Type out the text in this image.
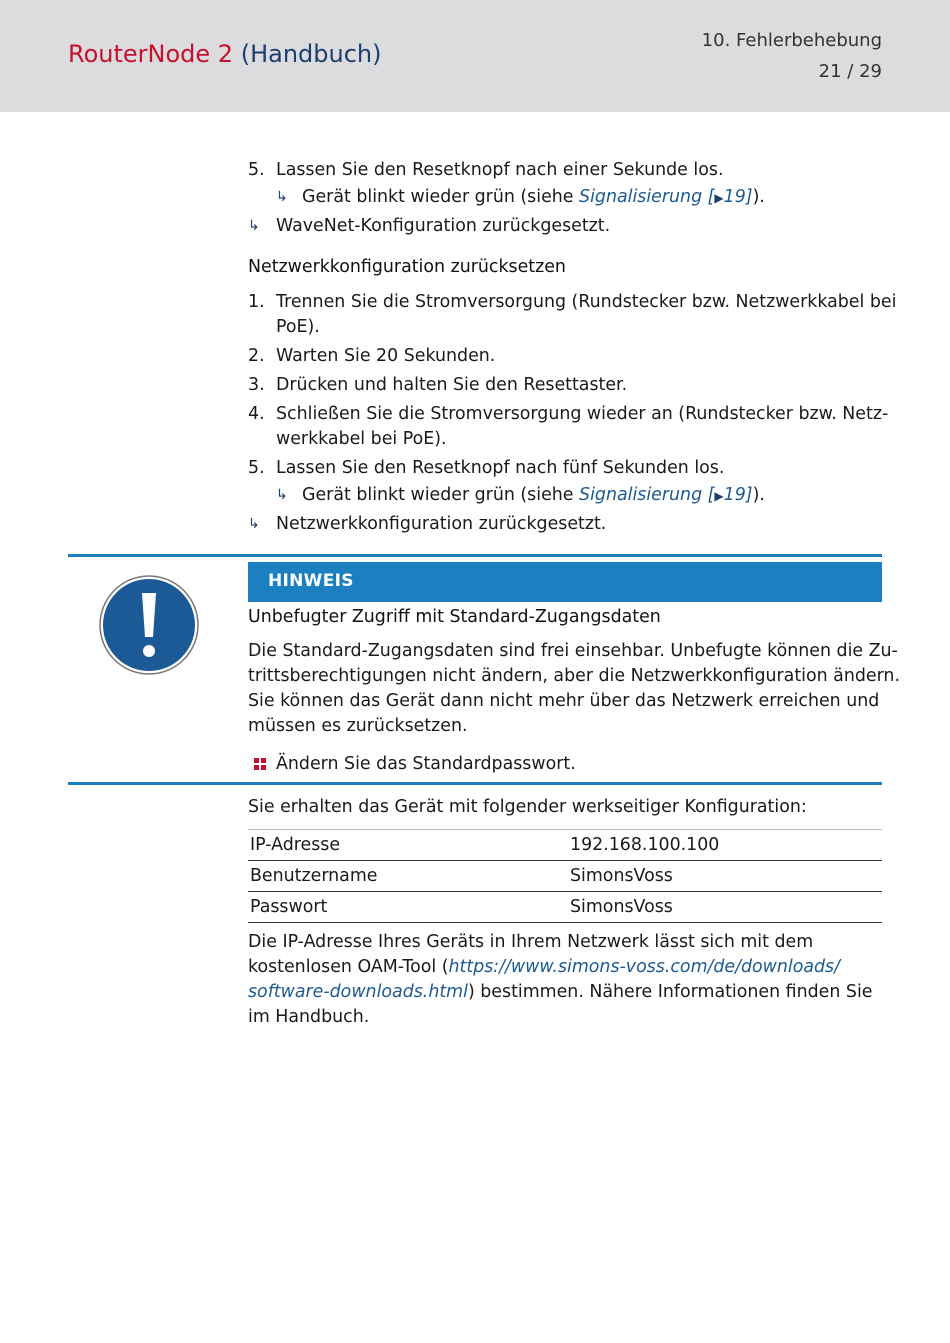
RouterNode 2 (Handbuch)	10. Fehlerbehebung
21 / 29
5. Lassen Sie den Resetknopf nach einer Sekunde los.
↳ Gerät blinkt wieder grün (siehe Signalisierung [▶19]).
↳ WaveNet-Konfiguration zurückgesetzt.
Netzwerkkonfiguration zurücksetzen
1. Trennen Sie die Stromversorgung (Rundstecker bzw. Netzwerkkabel bei
PoE).
2. Warten Sie 20 Sekunden.
3. Drücken und halten Sie den Resettaster.
4. Schließen Sie die Stromversorgung wieder an (Rundstecker bzw. Netz-
werkkabel bei PoE).
5. Lassen Sie den Resetknopf nach fünf Sekunden los.
↳ Gerät blinkt wieder grün (siehe Signalisierung [▶19]).
↳ Netzwerkkonfiguration zurückgesetzt.
HINWEIS
Unbefugter Zugriff mit Standard-Zugangsdaten
Die Standard-Zugangsdaten sind frei einsehbar. Unbefugte können die Zu-
trittsberechtigungen nicht ändern, aber die Netzwerkkonfiguration ändern.
Sie können das Gerät dann nicht mehr über das Netzwerk erreichen und
müssen es zurücksetzen.
Ändern Sie das Standardpasswort.
Sie erhalten das Gerät mit folgender werkseitiger Konfiguration:
IP-Adresse	192.168.100.100
Benutzername	SimonsVoss
Passwort	SimonsVoss
Die IP-Adresse Ihres Geräts in Ihrem Netzwerk lässt sich mit dem
kostenlosen OAM-Tool (https://www.simons-voss.com/de/downloads/
software-downloads.html) bestimmen. Nähere Informationen finden Sie
im Handbuch.
